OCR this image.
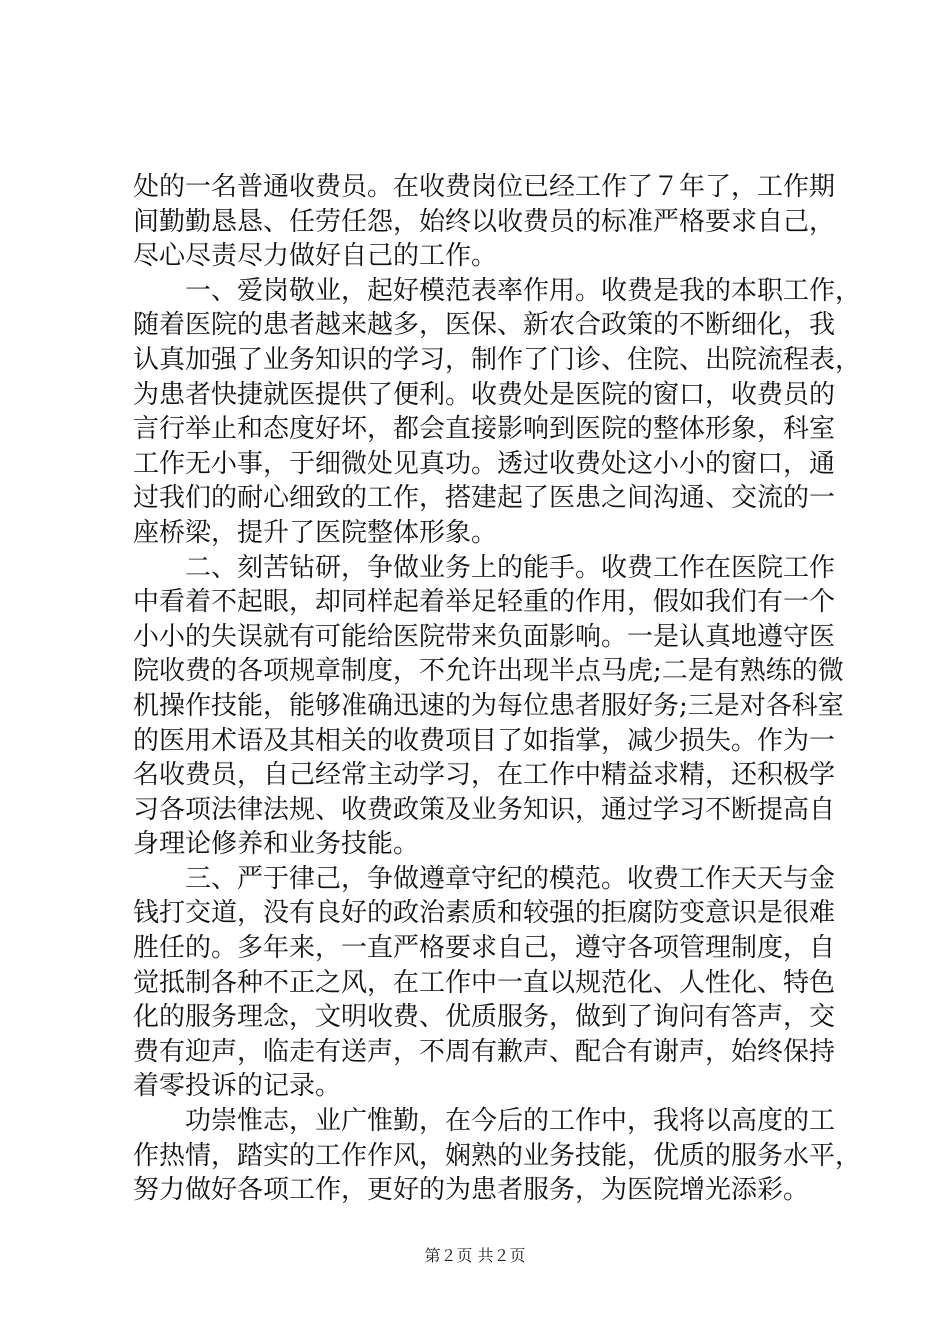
处的一名普通收费员。在收费岗位已经工作了７年了，工作期
间勤勤恳恳、任劳任怨，始终以收费员的标准严格要求自己，
尽心尽责尽力做好自己的工作。
一、爱岗敬业，起好模范表率作用。收费是我的本职工作，
随着医院的患者越来越多，医保、新农合政策的不断细化，我
认真加强了业务知识的学习，制作了门诊、住院、出院流程表，
为患者快捷就医提供了便利。收费处是医院的窗口，收费员的
言行举止和态度好坏，都会直接影响到医院的整体形象，科室
工作无小事，于细微处见真功。透过收费处这小小的窗口，通
过我们的耐心细致的工作，搭建起了医患之间沟通、交流的一
座桥梁，提升了医院整体形象。
二、刻苦钻研，争做业务上的能手。收费工作在医院工作
中看着不起眼，却同样起着举足轻重的作用，假如我们有一个
小小的失误就有可能给医院带来负面影响。一是认真地遵守医
院收费的各项规章制度，不允许出现半点马虎;二是有熟练的微
机操作技能，能够准确迅速的为每位患者服好务;三是对各科室
的医用术语及其相关的收费项目了如指掌，减少损失。作为一
名收费员，自己经常主动学习，在工作中精益求精，还积极学
习各项法律法规、收费政策及业务知识，通过学习不断提高自
身理论修养和业务技能。
三、严于律己，争做遵章守纪的模范。收费工作天天与金
钱打交道，没有良好的政治素质和较强的拒腐防变意识是很难
胜任的。多年来，一直严格要求自己，遵守各项管理制度，自
觉抵制各种不正之风，在工作中一直以规范化、人性化、特色
化的服务理念，文明收费、优质服务，做到了询问有答声，交
费有迎声，临走有送声，不周有歉声、配合有谢声，始终保持
着零投诉的记录。
功崇惟志，业广惟勤，在今后的工作中，我将以高度的工
作热情，踏实的工作作风，娴熟的业务技能，优质的服务水平，
努力做好各项工作，更好的为患者服务，为医院增光添彩。
第２页 共２页
